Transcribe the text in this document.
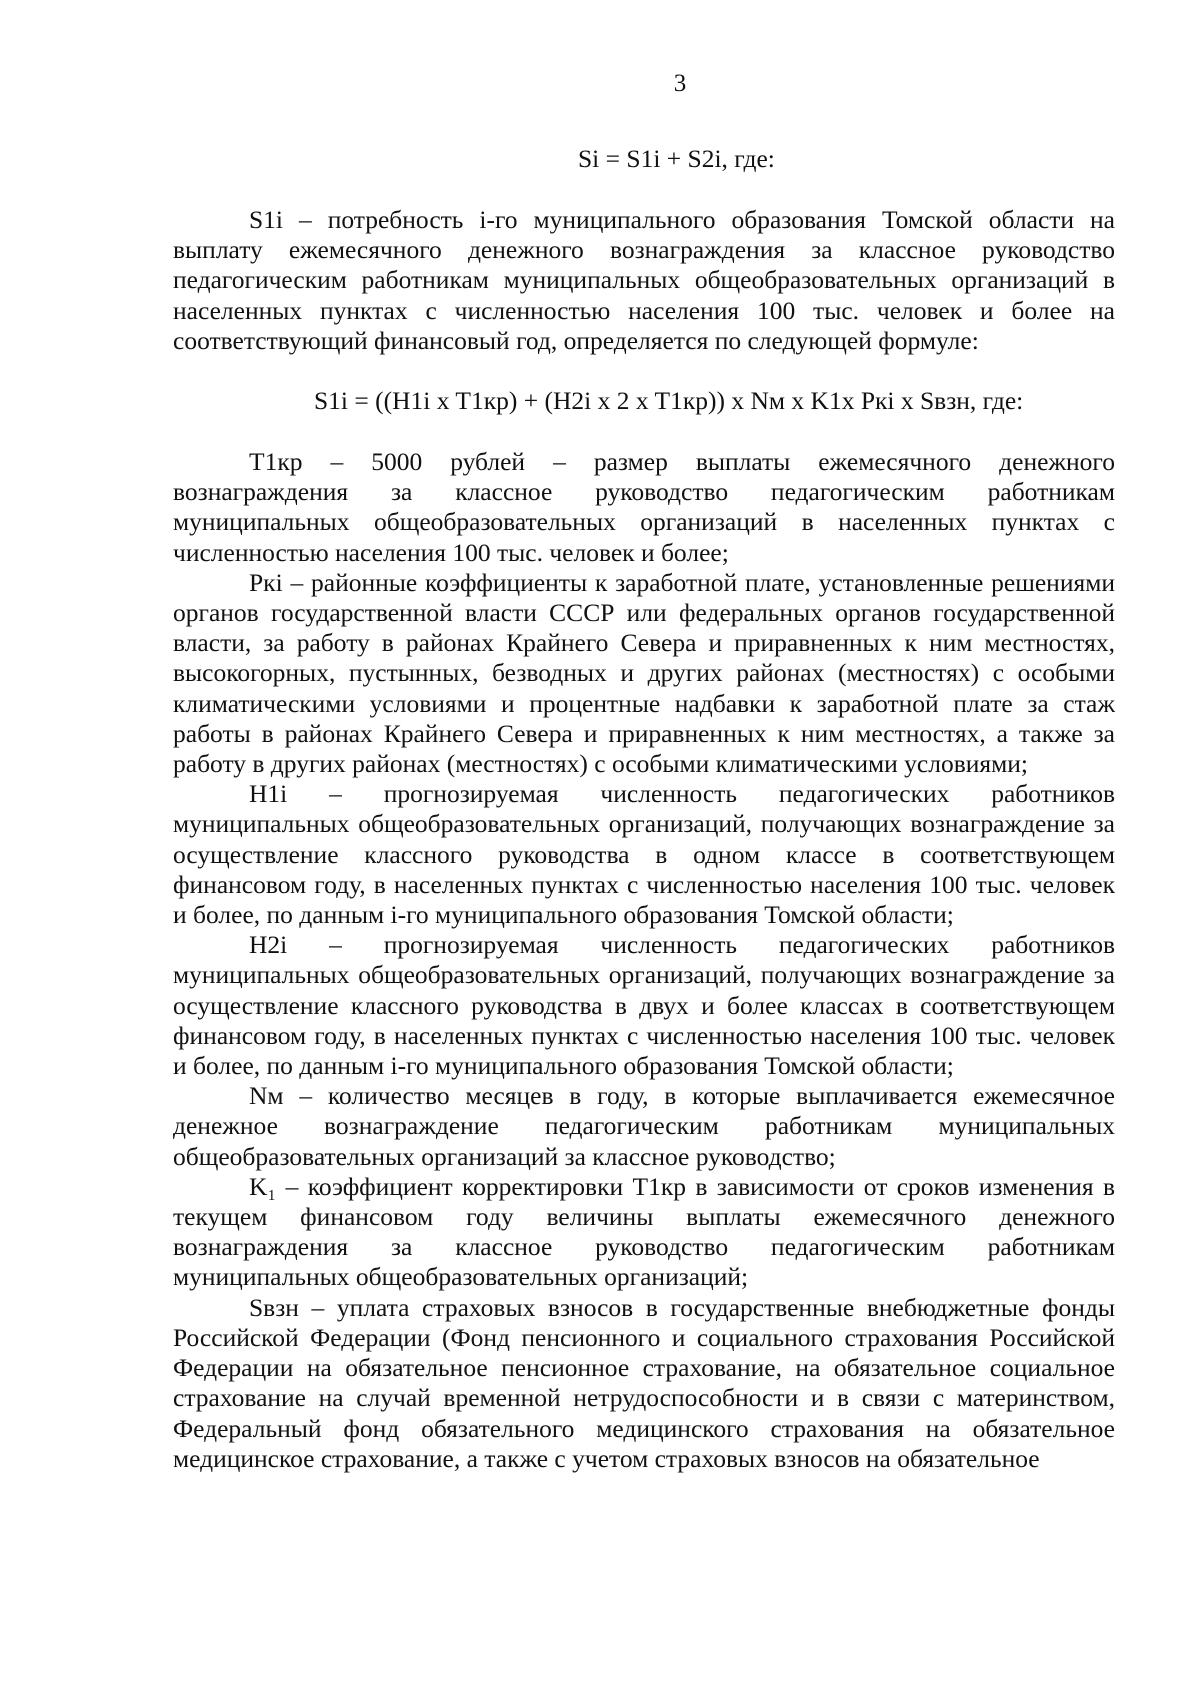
3
Si = S1i + S2i, где:

S1i – потребность i-го муниципального образования Томской области на выплату ежемесячного денежного вознаграждения за классное руководство педагогическим работникам муниципальных общеобразовательных организаций в населенных пунктах с численностью населения 100 тыс. человек и более на соответствующий финансовый год, определяется по следующей формуле:

S1i = ((H1i x T1кр) + (H2i x 2 x T1кр)) x Nм x K1x Pкi x Sвзн, где:

T1кр – 5000 рублей – размер выплаты ежемесячного денежного вознаграждения за классное руководство педагогическим работникам муниципальных общеобразовательных организаций в населенных пунктах с численностью населения 100 тыс. человек и более;

Ркi – районные коэффициенты к заработной плате, установленные решениями органов государственной власти СССР или федеральных органов государственной власти, за работу в районах Крайнего Севера и приравненных к ним местностях, высокогорных, пустынных, безводных и других районах (местностях) с особыми климатическими условиями и процентные надбавки к заработной плате за стаж работы в районах Крайнего Севера и приравненных к ним местностях, а также за работу в других районах (местностях) с особыми климатическими условиями;

H1i – прогнозируемая численность педагогических работников муниципальных общеобразовательных организаций, получающих вознаграждение за осуществление классного руководства в одном классе в соответствующем финансовом году, в населенных пунктах с численностью населения 100 тыс. человек и более, по данным i-го муниципального образования Томской области;

H2i – прогнозируемая численность педагогических работников муниципальных общеобразовательных организаций, получающих вознаграждение за осуществление классного руководства в двух и более классах в соответствующем финансовом году, в населенных пунктах с численностью населения 100 тыс. человек и более, по данным i-го муниципального образования Томской области;

Nм – количество месяцев в году, в которые выплачивается ежемесячное денежное вознаграждение педагогическим работникам муниципальных общеобразовательных организаций за классное руководство;

K₁ – коэффициент корректировки T1кр в зависимости от сроков изменения в текущем финансовом году величины выплаты ежемесячного денежного вознаграждения за классное руководство педагогическим работникам муниципальных общеобразовательных организаций;

Sвзн – уплата страховых взносов в государственные внебюджетные фонды Российской Федерации (Фонд пенсионного и социального страхования Российской Федерации на обязательное пенсионное страхование, на обязательное социальное страхование на случай временной нетрудоспособности и в связи с материнством, Федеральный фонд обязательного медицинского страхования на обязательное медицинское страхование, а также с учетом страховых взносов на обязательное
